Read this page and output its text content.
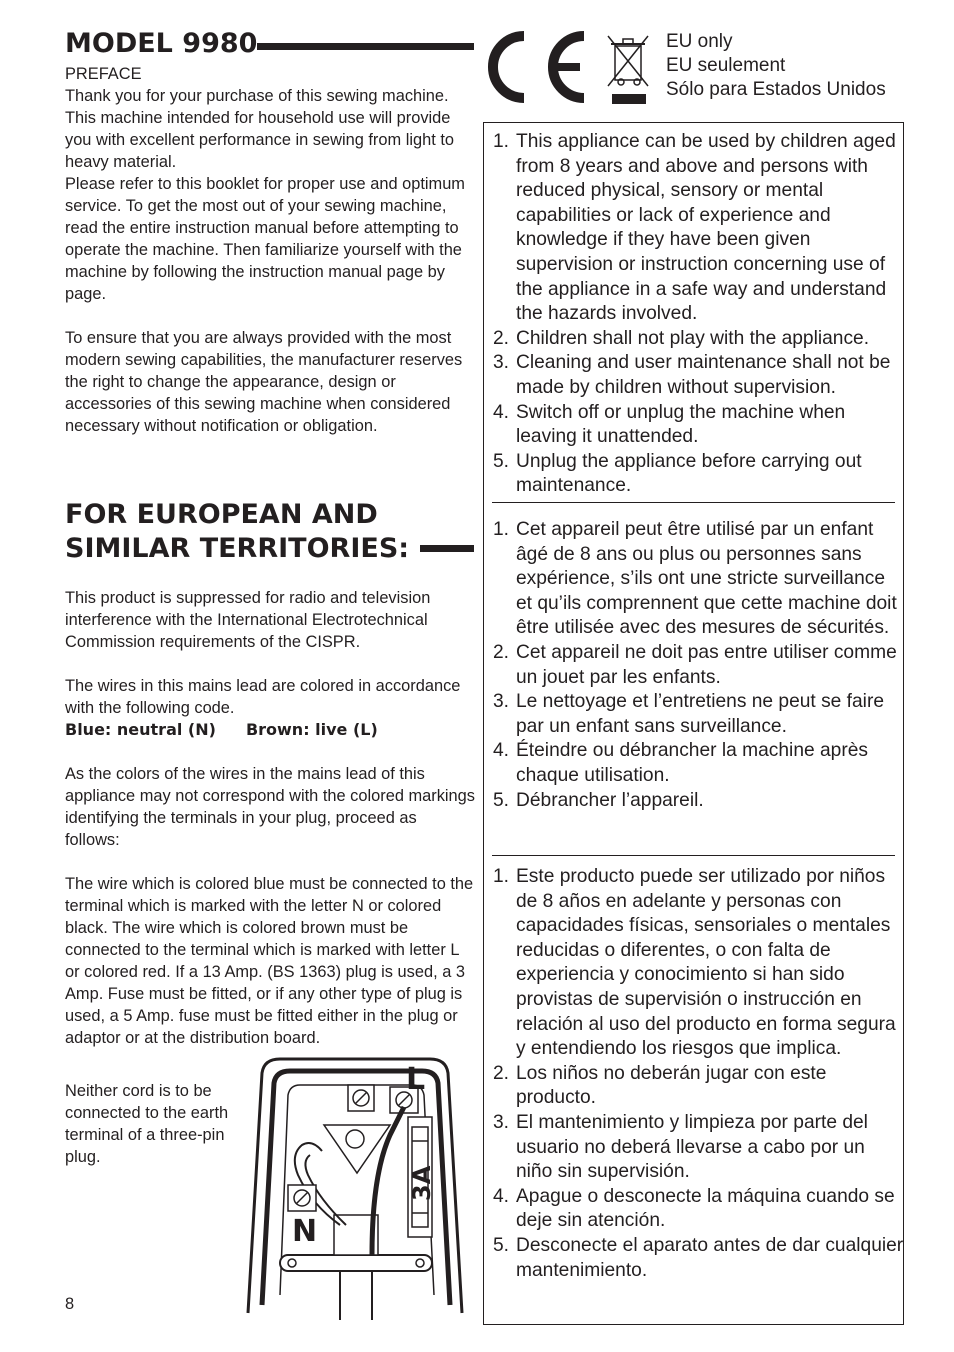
MODEL 9980

PREFACE

Thank you for your purchase of this sewing machine.

This machine intended for household use will provide you with excellent performance in sewing from light to heavy material.

Please refer to this booklet for proper use and optimum service. To get the most out of your sewing machine, read the entire instruction manual before attempting to operate the machine. Then familiarize yourself with the machine by following the instruction manual page by page.

To ensure that you are always provided with the most modern sewing capabilities, the manufacturer reserves the right to change the appearance, design or accessories of this sewing machine when considered necessary without notification or obligation.

FOR EUROPEAN AND
SIMILAR TERRITORIES:

This product is suppressed for radio and television interference with the International Electrotechnical Commission requirements of the CISPR.

The wires in this mains lead are colored in accordance with the following code.

Blue: neutral (N) Brown: live (L)

As the colors of the wires in the mains lead of this appliance may not correspond with the colored markings identifying the terminals in your plug, proceed as follows:

The wire which is colored blue must be connected to the terminal which is marked with the letter N or colored black. The wire which is colored brown must be connected to the terminal which is marked with letter L or colored red. If a 13 Amp. (BS 1363) plug is used, a 3 Amp. Fuse must be fitted, or if any other type of plug is used, a 5 Amp. fuse must be fitted either in the plug or adaptor or at the distribution board.

Neither cord is to be connected to the earth terminal of a three-pin plug.

L
N
3A
8
EU only
EU seulement
Sólo para Estados Unidos
1. This appliance can be used by children aged from 8 years and above and persons with reduced physical, sensory or mental capabilities or lack of experience and knowledge if they have been given supervision or instruction concerning use of the appliance in a safe way and understand the hazards involved.
2. Children shall not play with the appliance.
3. Cleaning and user maintenance shall not be made by children without supervision.
4. Switch off or unplug the machine when leaving it unattended.
5. Unplug the appliance before carrying out maintenance.
1. Cet appareil peut être utilisé par un enfant âgé de 8 ans ou plus ou personnes sans expérience, s’ils ont une stricte surveillance et qu’ils comprennent que cette machine doit être utilisée avec des mesures de sécurités.
2. Cet appareil ne doit pas entre utiliser comme un jouet par les enfants.
3. Le nettoyage et l’entretiens ne peut se faire par un enfant sans surveillance.
4. Éteindre ou débrancher la machine après chaque utilisation.
5. Débrancher l’appareil.
1. Este producto puede ser utilizado por niños de 8 años en adelante y personas con capacidades físicas, sensoriales o mentales reducidas o diferentes, o con falta de experiencia y conocimiento si han sido provistas de supervisión o instrucción en relación al uso del producto en forma segura y entendiendo los riesgos que implica.
2. Los niños no deberán jugar con este producto.
3. El mantenimiento y limpieza por parte del usuario no deberá llevarse a cabo por un niño sin supervisión.
4. Apague o desconecte la máquina cuando se deje sin atención.
5. Desconecte el aparato antes de dar cualquier mantenimiento.
